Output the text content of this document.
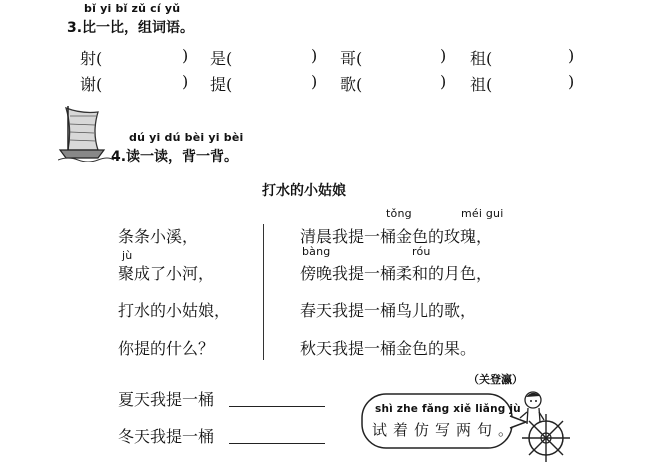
bǐ yi bǐ zǔ cí yǔ
3.比一比，组词语。
射(	) 是(	) 哥(	) 租(	)
谢(	) 提(	) 歌(	) 祖(	)
dú yi dú bèi yi bèi
4.读一读，背一背。
打水的小姑娘
条条小溪，
jù
聚成了小河，
打水的小姑娘，
你提的什么？
tǒng	méi gui
清晨我提一桶金色的玫瑰，
bàng	róu
傍晚我提一桶柔和的月色，
春天我提一桶鸟儿的歌，
秋天我提一桶金色的果。
（关登瀛）
夏天我提一桶
冬天我提一桶
shì zhe fǎng xiě liǎng jù
试着仿写两句。
